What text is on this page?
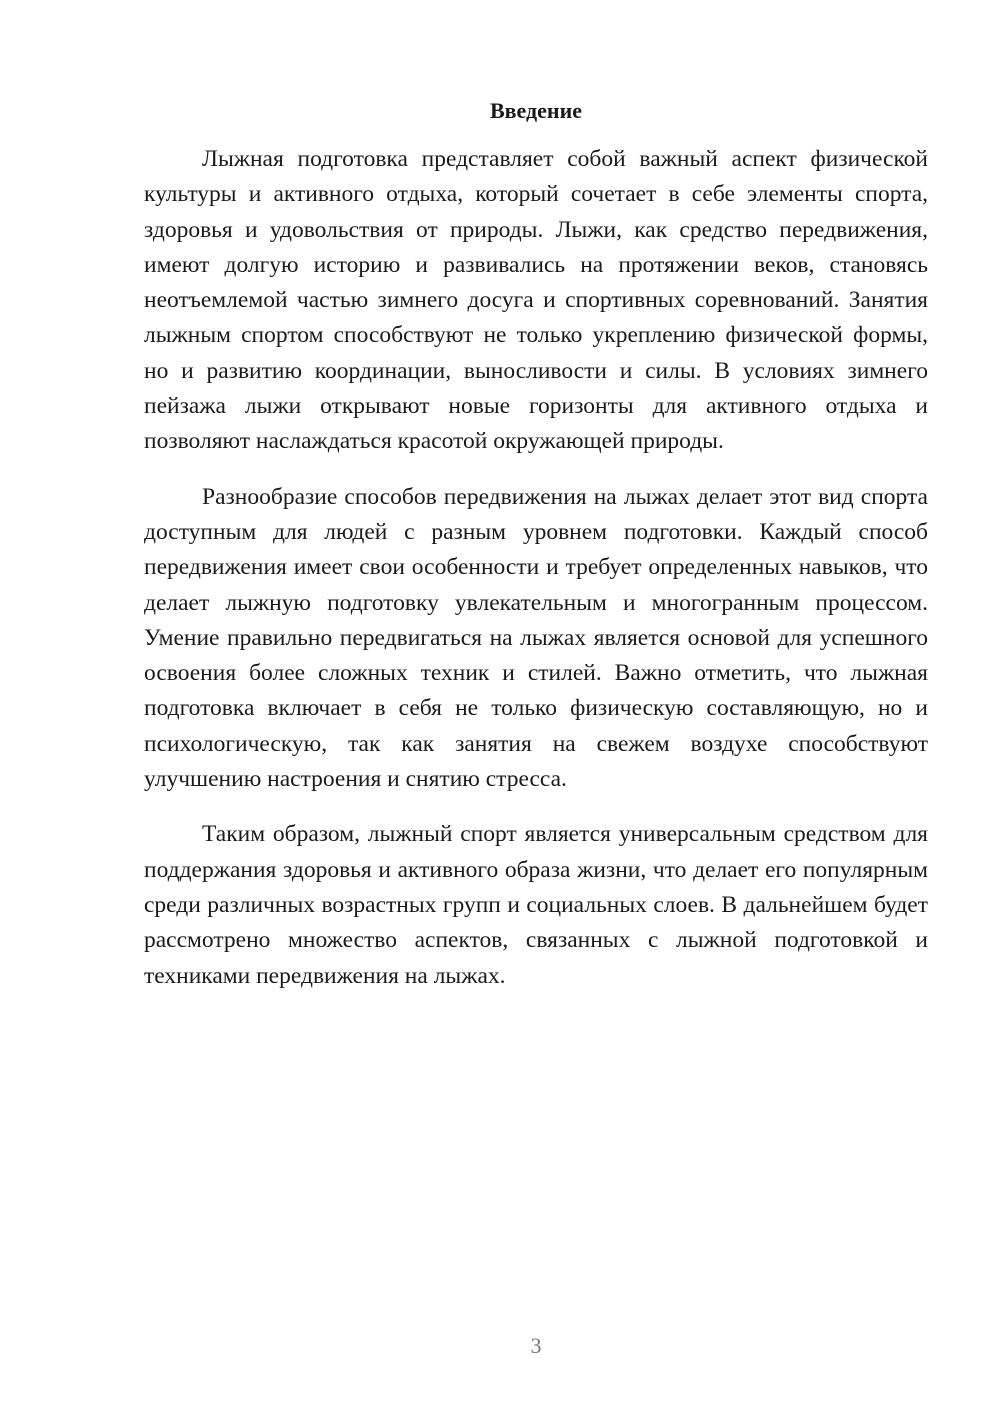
Введение

Лыжная подготовка представляет собой важный аспект физической культуры и активного отдыха, который сочетает в себе элементы спорта, здоровья и удовольствия от природы. Лыжи, как средство передвижения, имеют долгую историю и развивались на протяжении веков, становясь неотъемлемой частью зимнего досуга и спортивных соревнований. Занятия лыжным спортом способствуют не только укреплению физической формы, но и развитию координации, выносливости и силы. В условиях зимнего пейзажа лыжи открывают новые горизонты для активного отдыха и позволяют наслаждаться красотой окружающей природы.

Разнообразие способов передвижения на лыжах делает этот вид спорта доступным для людей с разным уровнем подготовки. Каждый способ передвижения имеет свои особенности и требует определенных навыков, что делает лыжную подготовку увлекательным и многогранным процессом. Умение правильно передвигаться на лыжах является основой для успешного освоения более сложных техник и стилей. Важно отметить, что лыжная подготовка включает в себя не только физическую составляющую, но и психологическую, так как занятия на свежем воздухе способствуют улучшению настроения и снятию стресса.

Таким образом, лыжный спорт является универсальным средством для поддержания здоровья и активного образа жизни, что делает его популярным среди различных возрастных групп и социальных слоев. В дальнейшем будет рассмотрено множество аспектов, связанных с лыжной подготовкой и техниками передвижения на лыжах.

3
